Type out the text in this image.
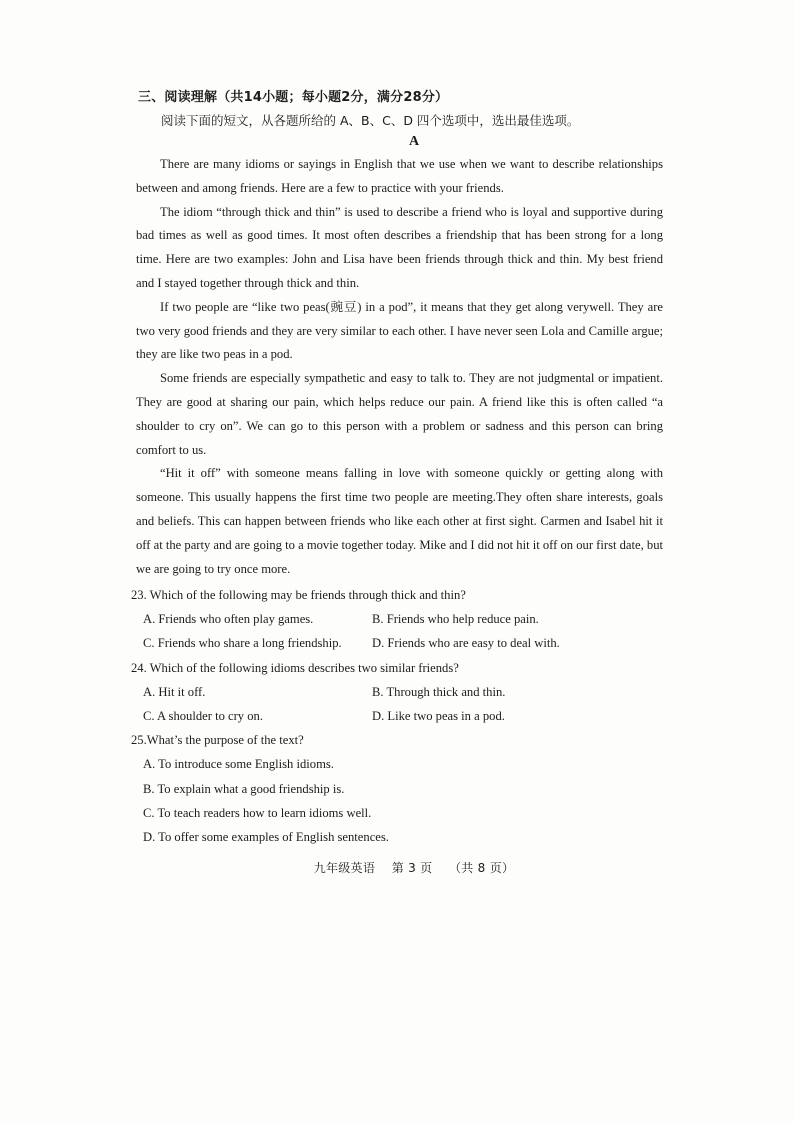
三、阅读理解（共14小题；每小题2分，满分28分）
阅读下面的短文，从各题所给的 A、B、C、D 四个选项中，选出最佳选项。
A

There are many idioms or sayings in English that we use when we want to describe relationships between and among friends. Here are a few to practice with your friends.

The idiom “through thick and thin” is used to describe a friend who is loyal and supportive during bad times as well as good times. It most often describes a friendship that has been strong for a long time. Here are two examples: John and Lisa have been friends through thick and thin. My best friend and I stayed together through thick and thin.

If two people are “like two peas(豌豆) in a pod”, it means that they get along verywell. They are two very good friends and they are very similar to each other. I have never seen Lola and Camille argue; they are like two peas in a pod.

Some friends are especially sympathetic and easy to talk to. They are not judgmental or impatient. They are good at sharing our pain, which helps reduce our pain. A friend like this is often called “a shoulder to cry on”. We can go to this person with a problem or sadness and this person can bring comfort to us.

“Hit it off” with someone means falling in love with someone quickly or getting along with someone. This usually happens the first time two people are meeting.They often share interests, goals and beliefs. This can happen between friends who like each other at first sight. Carmen and Isabel hit it off at the party and are going to a movie together today. Mike and I did not hit it off on our first date, but we are going to try once more.

23. Which of the following may be friends through thick and thin?

A. Friends who often play games.	B. Friends who help reduce pain.
C. Friends who share a long friendship.	D. Friends who are easy to deal with.

24. Which of the following idioms describes two similar friends?

A. Hit it off.	B. Through thick and thin.
C. A shoulder to cry on.	D. Like two peas in a pod.

25.What’s the purpose of the text?

A. To introduce some English idioms.
B. To explain what a good friendship is.
C. To teach readers how to learn idioms well.
D. To offer some examples of English sentences.
九年级英语 第 3 页 （共 8 页）
